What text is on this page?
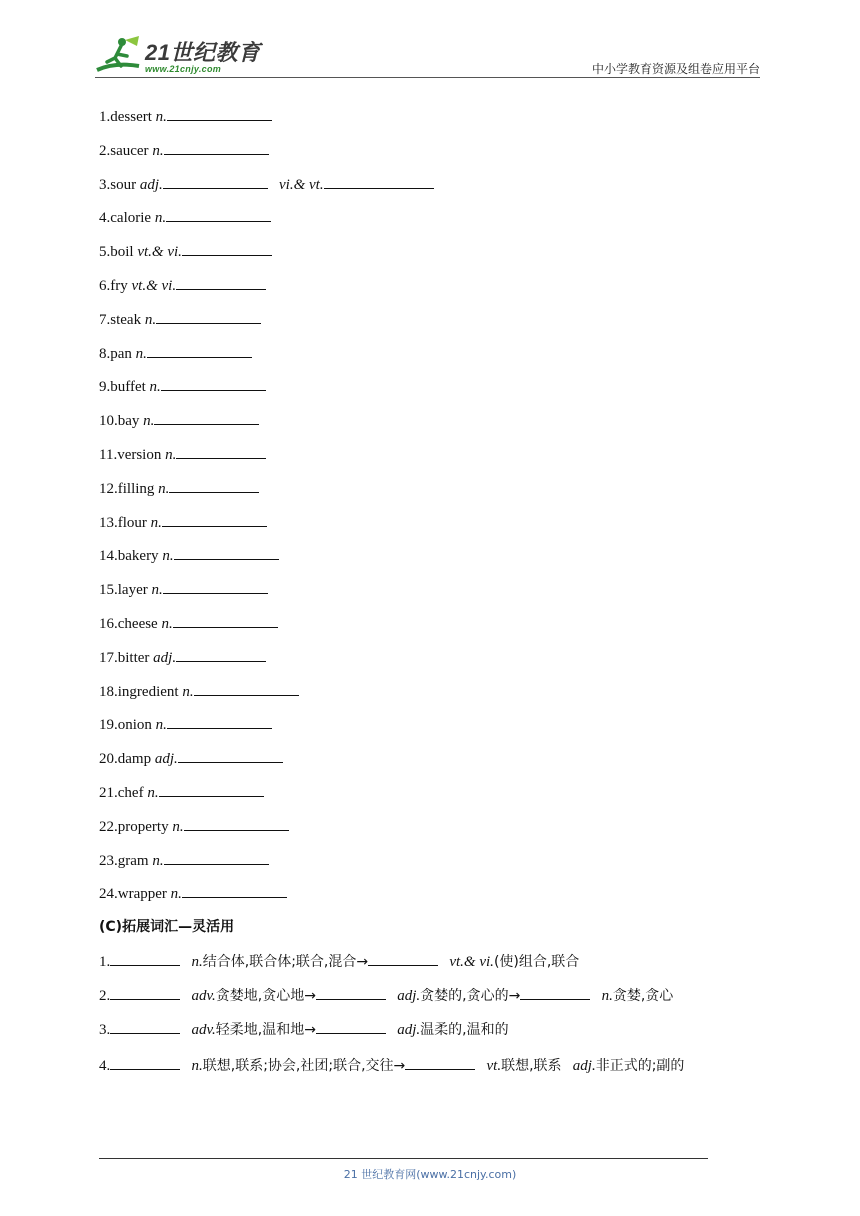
21世纪教育
www.21cnjy.com	中小学教育资源及组卷应用平台
1.dessert n.
2.saucer n.
3.sour adj.	vi.& vt.
4.calorie n.
5.boil vt.& vi.
6.fry vt.& vi.
7.steak n.
8.pan n.
9.buffet n.
10.bay n.
11.version n.
12.filling n.
13.flour n.
14.bakery n.
15.layer n.
16.cheese n.
17.bitter adj.
18.ingredient n.
19.onion n.
20.damp adj.
21.chef n.
22.property n.
23.gram n.
24.wrapper n.
(C)拓展词汇—灵活用
1.	n.结合体,联合体;联合,混合→	vt.& vi.(使)组合,联合
2.	adv.贪婪地,贪心地→	adj.贪婪的,贪心的→	n.贪婪,贪心
3.	adv.轻柔地,温和地→	adj.温柔的,温和的
4.	n.联想,联系;协会,社团;联合,交往→	vt.联想,联系 adj.非正式的;副的
21 世纪教育网(www.21cnjy.com)
